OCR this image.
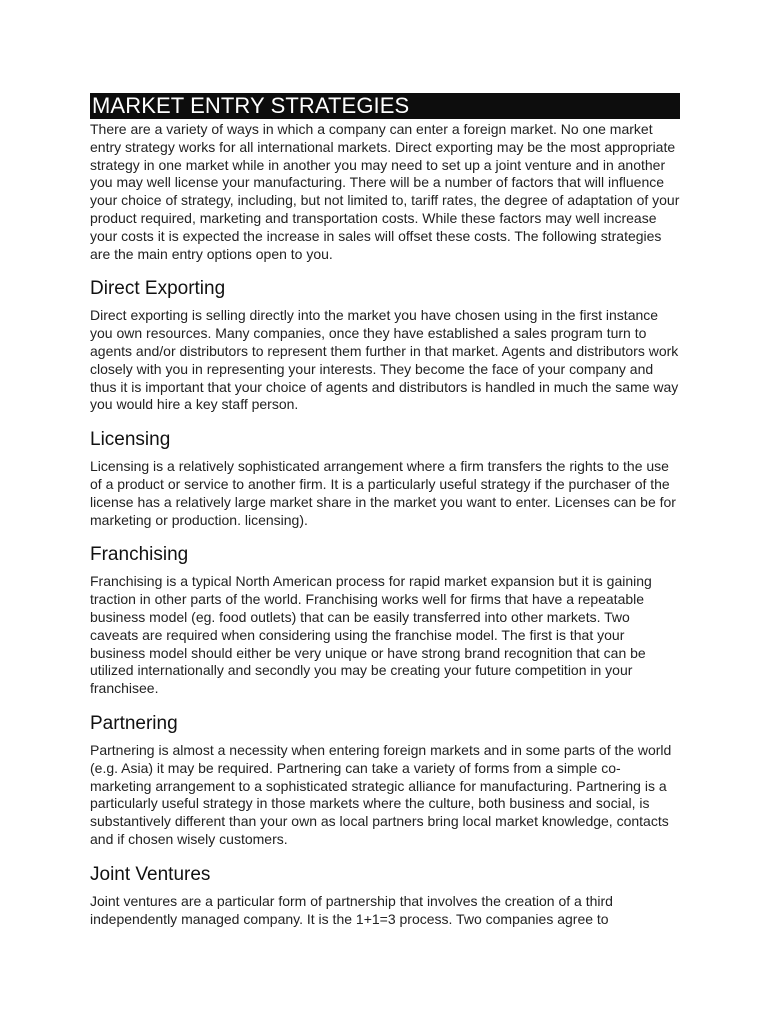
MARKET ENTRY STRATEGIES

There are a variety of ways in which a company can enter a foreign market. No one market entry strategy works for all international markets. Direct exporting may be the most appropriate strategy in one market while in another you may need to set up a joint venture and in another you may well license your manufacturing. There will be a number of factors that will influence your choice of strategy, including, but not limited to, tariff rates, the degree of adaptation of your product required, marketing and transportation costs. While these factors may well increase your costs it is expected the increase in sales will offset these costs. The following strategies are the main entry options open to you.

Direct Exporting

Direct exporting is selling directly into the market you have chosen using in the first instance you own resources. Many companies, once they have established a sales program turn to agents and/or distributors to represent them further in that market. Agents and distributors work closely with you in representing your interests. They become the face of your company and thus it is important that your choice of agents and distributors is handled in much the same way you would hire a key staff person.

Licensing

Licensing is a relatively sophisticated arrangement where a firm transfers the rights to the use of a product or service to another firm. It is a particularly useful strategy if the purchaser of the license has a relatively large market share in the market you want to enter. Licenses can be for marketing or production. licensing).

Franchising

Franchising is a typical North American process for rapid market expansion but it is gaining traction in other parts of the world. Franchising works well for firms that have a repeatable business model (eg. food outlets) that can be easily transferred into other markets. Two caveats are required when considering using the franchise model. The first is that your business model should either be very unique or have strong brand recognition that can be utilized internationally and secondly you may be creating your future competition in your franchisee.

Partnering

Partnering is almost a necessity when entering foreign markets and in some parts of the world (e.g. Asia) it may be required. Partnering can take a variety of forms from a simple co-marketing arrangement to a sophisticated strategic alliance for manufacturing. Partnering is a particularly useful strategy in those markets where the culture, both business and social, is substantively different than your own as local partners bring local market knowledge, contacts and if chosen wisely customers.

Joint Ventures

Joint ventures are a particular form of partnership that involves the creation of a third independently managed company. It is the 1+1=3 process. Two companies agree to
